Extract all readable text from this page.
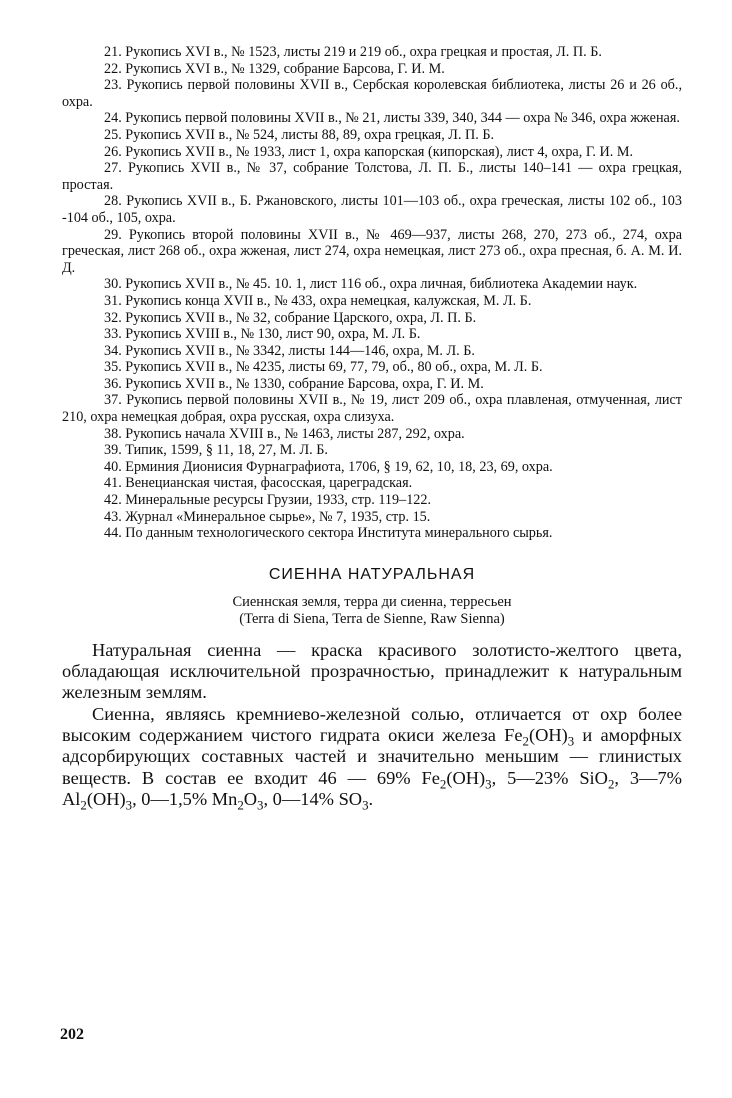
21. Рукопись XVI в., № 1523, листы 219 и 219 об., охра грецкая и простая, Л. П. Б.

22. Рукопись XVI в., № 1329, собрание Барсова, Г. И. М.

23. Рукопись первой половины XVII в., Сербская королевская библиотека, листы 26 и 26 об., охра.

24. Рукопись первой половины XVII в., № 21, листы 339, 340, 344 — охра № 346, охра жженая.

25. Рукопись XVII в., № 524, листы 88, 89, охра грецкая, Л. П. Б.

26. Рукопись XVII в., № 1933, лист 1, охра капорская (кипорская), лист 4, охра, Г. И. М.

27. Рукопись XVII в., № 37, собрание Толстова, Л. П. Б., листы 140–141 — охра грецкая, простая.

28. Рукопись XVII в., Б. Ржановского, листы 101—103 об., охра греческая, листы 102 об., 103 -104 об., 105, охра.

29. Рукопись второй половины XVII в., № 469—937, листы 268, 270, 273 об., 274, охра греческая, лист 268 об., охра жженая, лист 274, охра немецкая, лист 273 об., охра пресная, б. А. М. И. Д.

30. Рукопись XVII в., № 45. 10. 1, лист 116 об., охра личная, библиотека Академии наук.

31. Рукопись конца XVII в., № 433, охра немецкая, калужская, М. Л. Б.

32. Рукопись XVII в., № 32, собрание Царского, охра, Л. П. Б.

33. Рукопись XVIII в., № 130, лист 90, охра, М. Л. Б.

34. Рукопись XVII в., № 3342, листы 144—146, охра, М. Л. Б.

35. Рукопись XVII в., № 4235, листы 69, 77, 79, об., 80 об., охра, М. Л. Б.

36. Рукопись XVII в., № 1330, собрание Барсова, охра, Г. И. М.

37. Рукопись первой половины XVII в., № 19, лист 209 об., охра плавленая, отмученная, лист 210, охра немецкая добрая, охра русская, охра слизуха.

38. Рукопись начала XVIII в., № 1463, листы 287, 292, охра.

39. Типик, 1599, § 11, 18, 27, М. Л. Б.

40. Ерминия Дионисия Фурнаграфиота, 1706, § 19, 62, 10, 18, 23, 69, охра.

41. Венецианская чистая, фасосская, цареградская.

42. Минеральные ресурсы Грузии, 1933, стр. 119–122.

43. Журнал «Минеральное сырье», № 7, 1935, стр. 15.

44. По данным технологического сектора Института минерального сырья.

СИЕННА НАТУРАЛЬНАЯ
Сиеннская земля, терра ди сиенна, терресьен
(Terra di Siena, Terra de Sienne, Raw Sienna)

Натуральная сиенна — краска красивого золотисто-желтого цвета, обладающая исключительной прозрачностью, принадлежит к натуральным железным землям.

Сиенна, являясь кремниево-железной солью, отличается от охр более высоким содержанием чистого гидрата окиси железа $Fe_2(OH)_3$ и аморфных адсорбирующих составных частей и значительно меньшим — глинистых веществ. В состав ее входит 46 — 69% $Fe_2(OH)_3$, 5—23% SiO$_2$, 3—7% $Al_2(OH)_3$, 0—1,5% $Mn_2O_3$, 0—14% $SO_3$.

202
